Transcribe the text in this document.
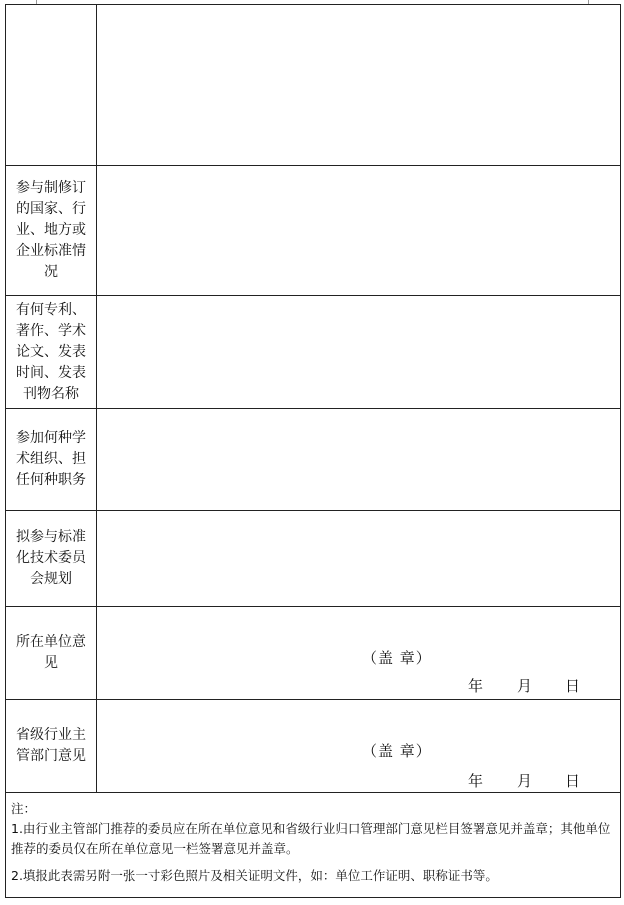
参与制修订的国家、行业、地方或企业标准情况	
有何专利、著作、学术论文、发表时间、发表刊物名称	
参加何种学术组织、担任何种职务	
拟参与标准化技术委员会规划	
所在单位意见	（盖 章）
年 月 日

省级行业主管部门意见	（盖 章）
年 月 日

注：

1.由行业主管部门推荐的委员应在所在单位意见和省级行业归口管理部门意见栏目签署意见并盖章；其他单位推荐的委员仅在所在单位意见一栏签署意见并盖章。

2.填报此表需另附一张一寸彩色照片及相关证明文件，如：单位工作证明、职称证书等。	
